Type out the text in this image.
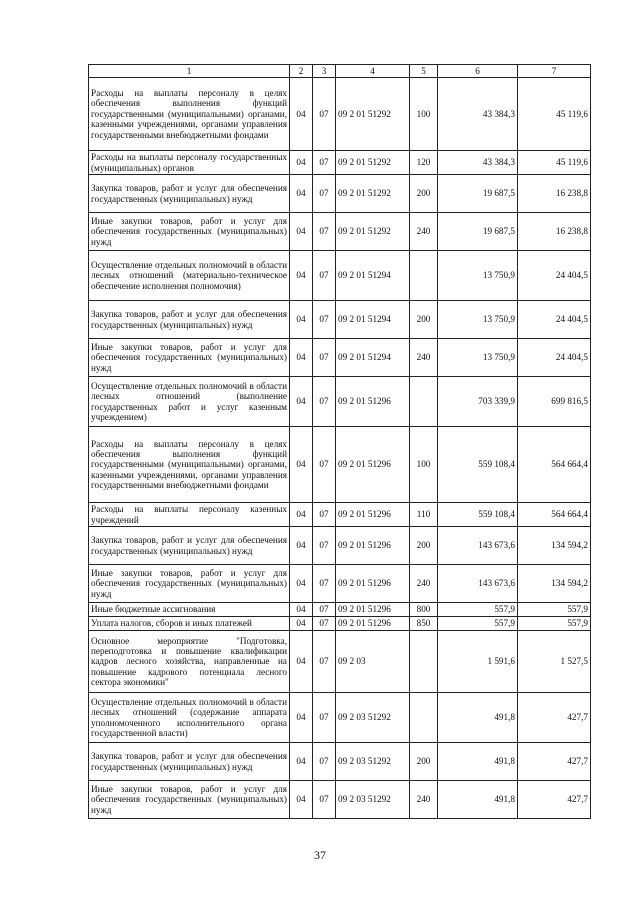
1	2	3	4	5	6	7
Расходы на выплаты персоналу в целях обеспечения выполнения функций государственными (муниципальными) органами, казенными учреждениями, органами управления государственными внебюджетными фондами	04	07	09 2 01 51292	100	43 384,3	45 119,6
Расходы на выплаты персоналу государственных (муниципальных) органов	04	07	09 2 01 51292	120	43 384,3	45 119,6
Закупка товаров, работ и услуг для обеспечения государственных (муниципальных) нужд	04	07	09 2 01 51292	200	19 687,5	16 238,8
Иные закупки товаров, работ и услуг для обеспечения государственных (муниципальных) нужд	04	07	09 2 01 51292	240	19 687,5	16 238,8
Осуществление отдельных полномочий в области лесных отношений (материально-техническое обеспечение исполнения полномочия)	04	07	09 2 01 51294		13 750,9	24 404,5
Закупка товаров, работ и услуг для обеспечения государственных (муниципальных) нужд	04	07	09 2 01 51294	200	13 750,9	24 404,5
Иные закупки товаров, работ и услуг для обеспечения государственных (муниципальных) нужд	04	07	09 2 01 51294	240	13 750,9	24 404,5
Осуществление отдельных полномочий в области лесных отношений (выполнение государственных работ и услуг казенным учреждением)	04	07	09 2 01 51296		703 339,9	699 816,5
Расходы на выплаты персоналу в целях обеспечения выполнения функций государственными (муниципальными) органами, казенными учреждениями, органами управления государственными внебюджетными фондами	04	07	09 2 01 51296	100	559 108,4	564 664,4
Расходы на выплаты персоналу казенных учреждений	04	07	09 2 01 51296	110	559 108,4	564 664,4
Закупка товаров, работ и услуг для обеспечения государственных (муниципальных) нужд	04	07	09 2 01 51296	200	143 673,6	134 594,2
Иные закупки товаров, работ и услуг для обеспечения государственных (муниципальных) нужд	04	07	09 2 01 51296	240	143 673,6	134 594,2
Иные бюджетные ассигнования	04	07	09 2 01 51296	800	557,9	557,9
Уплата налогов, сборов и иных платежей	04	07	09 2 01 51296	850	557,9	557,9
Основное мероприятие "Подготовка, переподготовка и повышение квалификации кадров лесного хозяйства, направленные на повышение кадрового потенциала лесного сектора экономики"	04	07	09 2 03		1 591,6	1 527,5
Осуществление отдельных полномочий в области лесных отношений (содержание аппарата уполномоченного исполнительного органа государственной власти)	04	07	09 2 03 51292		491,8	427,7
Закупка товаров, работ и услуг для обеспечения государственных (муниципальных) нужд	04	07	09 2 03 51292	200	491,8	427,7
Иные закупки товаров, работ и услуг для обеспечения государственных (муниципальных) нужд	04	07	09 2 03 51292	240	491,8	427,7
37
